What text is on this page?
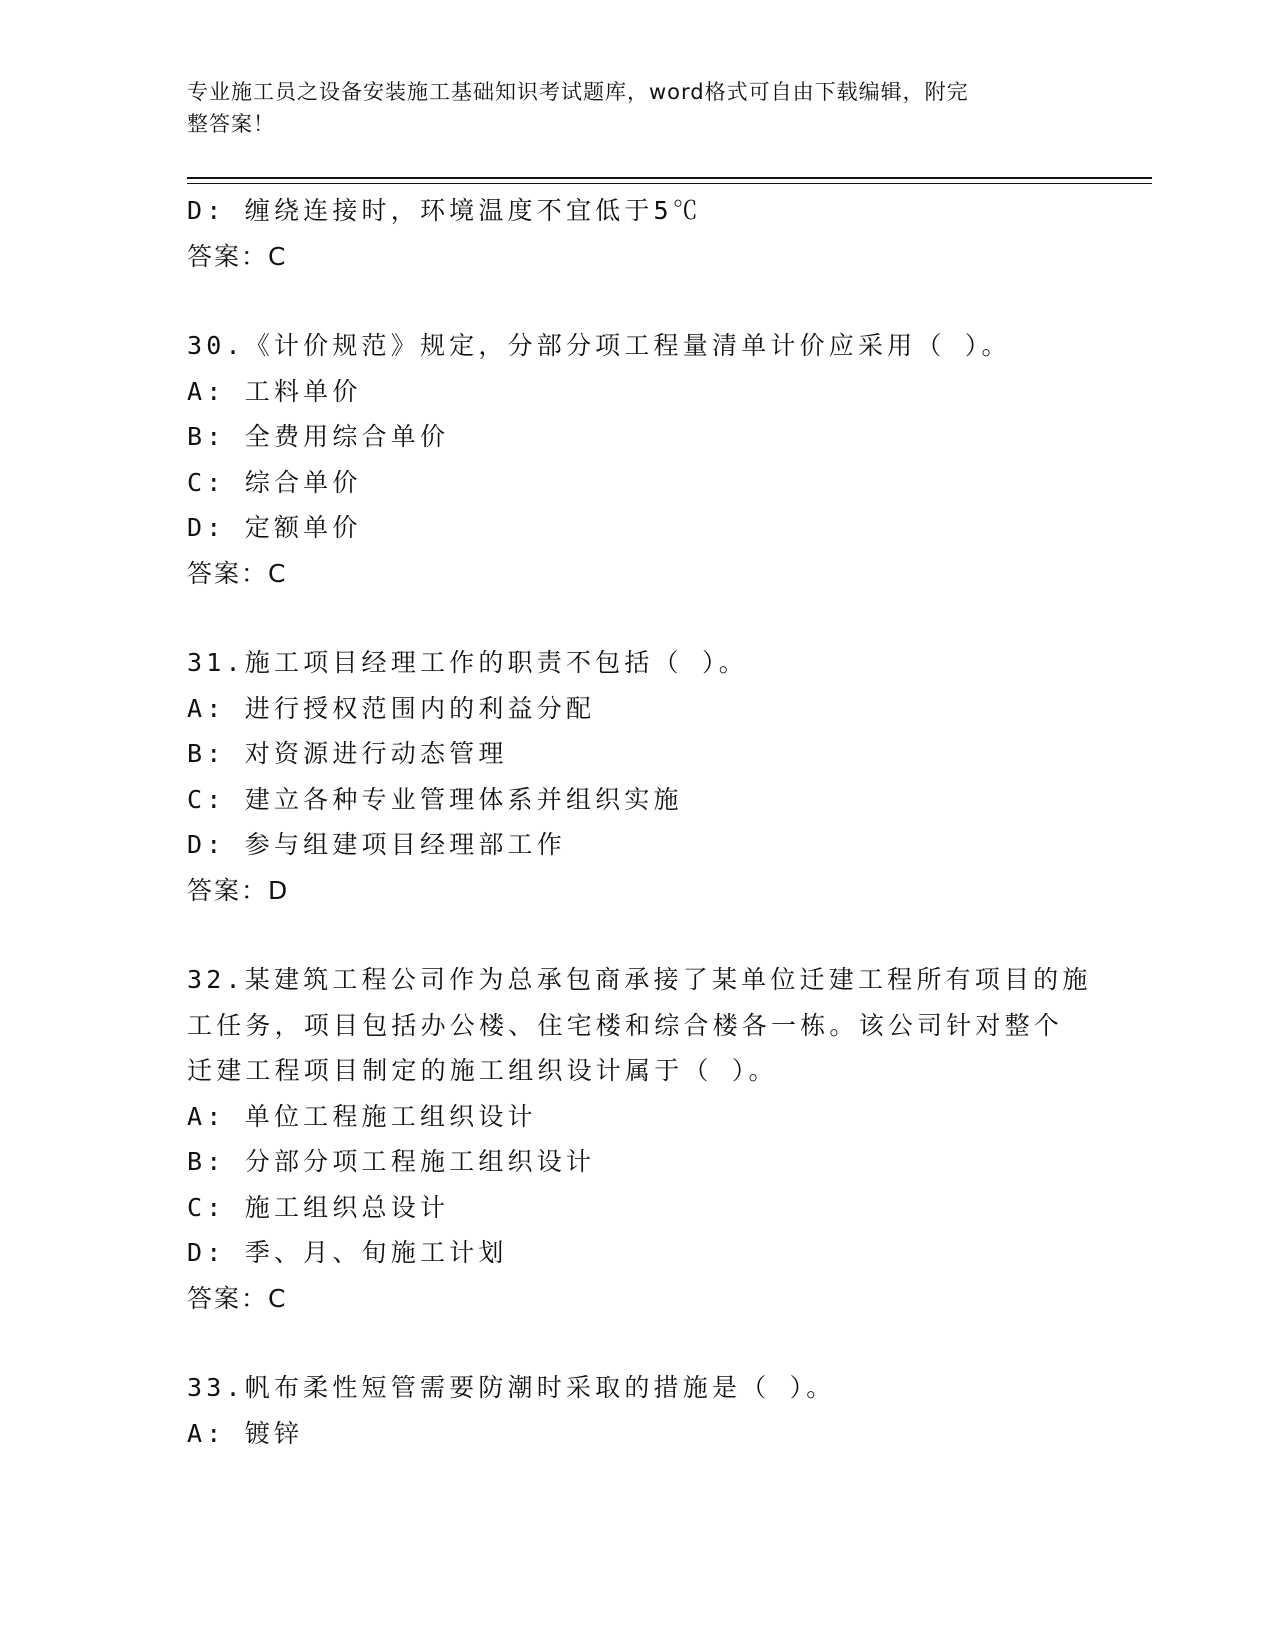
专业施工员之设备安装施工基础知识考试题库，word格式可自由下载编辑，附完
整答案！
D: 缠绕连接时，环境温度不宜低于5℃
答案：C
30.《计价规范》规定，分部分项工程量清单计价应采用（ ）。
A: 工料单价
B: 全费用综合单价
C: 综合单价
D: 定额单价
答案：C
31.施工项目经理工作的职责不包括（ ）。
A: 进行授权范围内的利益分配
B: 对资源进行动态管理
C: 建立各种专业管理体系并组织实施
D: 参与组建项目经理部工作
答案：D
32.某建筑工程公司作为总承包商承接了某单位迁建工程所有项目的施
工任务，项目包括办公楼、住宅楼和综合楼各一栋。该公司针对整个
迁建工程项目制定的施工组织设计属于（ ）。
A: 单位工程施工组织设计
B: 分部分项工程施工组织设计
C: 施工组织总设计
D: 季、月、旬施工计划
答案：C
33.帆布柔性短管需要防潮时采取的措施是（ ）。
A: 镀锌
